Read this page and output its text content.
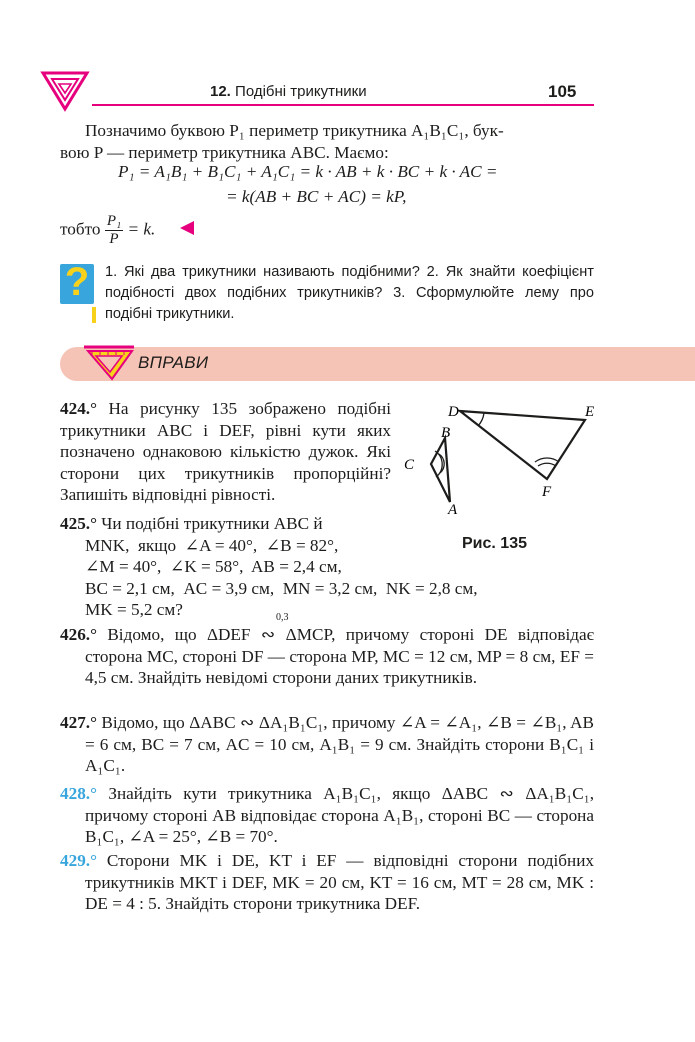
12. Подібні трикутники	105
Позначимо буквою P₁ периметр трикутника A₁B₁C₁, бук-
вою P — периметр трикутника ABC. Маємо:
P₁ = A₁B₁ + B₁C₁ + A₁C₁ = k · AB + k · BC + k · AC =
= k(AB + BC + AC) = kP,
тобто $\frac{\text{P₁}}{P} = k$.
?	1. Які два трикутники називають подібними? 2. Як знайти коефіцієнт подібності двох подібних трикутників? 3. Сформулюйте лему про подібні трикутники.
ВПРАВИ
D	E
B
C
F
A
Рис. 135
424.° На рисунку 135 зображено подібні трикутники ABC і DEF, рівні кути яких позначено однаковою кількістю дужок. Які сторони цих трикутників пропорційні? Запишіть відповідні рівності.
425.° Чи подібні трикутники ABC й
MNK,  якщо  ∠A = 40°,  ∠B = 82°,
∠M = 40°,  ∠K = 58°,  AB = 2,4 см,
BC = 2,1 см,  AC = 3,9 см,  MN = 3,2 см,  NK = 2,8 см,
MK = 5,2 см?	0,3
426.° Відомо, що ΔDEF ∾ ΔMCP, причому стороні DE відповідає сторона MC, стороні DF — сторона MP, MC = 12 см, MP = 8 см, EF = 4,5 см. Знайдіть невідомі сторони даних трикутників.
427.° Відомо, що ΔABC ∾ ΔA₁B₁C₁, причому ∠A = ∠A₁, ∠B = ∠B₁, AB = 6 см, BC = 7 см, AC = 10 см, A₁B₁ = 9 см. Знайдіть сторони B₁C₁ і A₁C₁.
428.° Знайдіть кути трикутника A₁B₁C₁, якщо ΔABC ∾ ΔA₁B₁C₁, причому стороні AB відповідає сторона A₁B₁, стороні BC — сторона B₁C₁, ∠A = 25°, ∠B = 70°.
429.° Сторони MK і DE, KT і EF — відповідні сторони подібних трикутників MKT і DEF, MK = 20 см, KT = 16 см, MT = 28 см, MK : DE = 4 : 5. Знайдіть сторони трикутника DEF.
